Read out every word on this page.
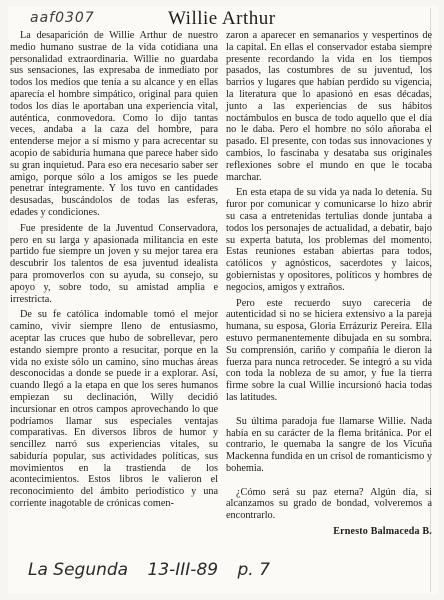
aaf0307	Willie Arthur

La desaparición de Willie Arthur de nuestro medio humano sustrae de la vida cotidiana una personalidad extraordinaria. Willie no guardaba sus sensaciones, las expresaba de inmediato por todos los medios que tenía a su alcance y en ellas aparecía el hombre simpático, original para quien todos los días le aportaban una experiencia vital, auténtica, conmovedora. Como lo dijo tantas veces, andaba a la caza del hombre, para entenderse mejor a sí mismo y para acrecentar su acopio de sabiduría humana que parece haber sido su gran inquietud. Para eso era necesario saber ser amigo, porque sólo a los amigos se les puede penetrar íntegramente. Y los tuvo en cantidades desusadas, buscándolos de todas las esferas, edades y condiciones.

Fue presidente de la Juventud Conservadora, pero en su larga y apasionada militancia en este partido fue siempre un joven y su mejor tarea era descubrir los talentos de esa juventud idealista para promoverlos con su ayuda, su consejo, su apoyo y, sobre todo, su amistad amplia e irrestricta.

De su fe católica indomable tomó el mejor camino, vivir siempre lleno de entusiasmo, aceptar las cruces que hubo de sobrellevar, pero estando siempre pronto a resucitar, porque en la vida no existe sólo un camino, sino muchas áreas desconocidas a donde se puede ir a explorar. Así, cuando llegó a la etapa en que los seres humanos empiezan su declinación, Willy decidió incursionar en otros campos aprovechando lo que podríamos llamar sus especiales ventajas comparativas. En diversos libros de humor y sencillez narró sus experiencias vitales, su sabiduría popular, sus actividades políticas, sus movimientos en la trastienda de los acontecimientos. Estos libros le valieron el reconocimiento del ámbito periodístico y una corriente inagotable de crónicas comen-

zaron a aparecer en semanarios y vespertinos de la capital. En ellas el conservador estaba siempre presente recordando la vida en los tiempos pasados, las costumbres de su juventud, los barrios y lugares que habían perdido su vigencia, la literatura que lo apasionó en esas décadas, junto a las experiencias de sus hábitos noctámbulos en busca de todo aquello que el día no le daba. Pero el hombre no sólo añoraba el pasado. El presente, con todas sus innovaciones y cambios, lo fascinaba y desataba sus originales reflexiones sobre el mundo en que le tocaba marchar.

En esta etapa de su vida ya nada lo detenía. Su furor por comunicar y comunicarse lo hizo abrir su casa a entretenidas tertulias donde juntaba a todos los personajes de actualidad, a debatir, bajo su experta batuta, los problemas del momento. Estas reuniones estaban abiertas para todos, católicos y agnósticos, sacerdotes y laicos, gobiernistas y opositores, políticos y hombres de negocios, amigos y extraños.

Pero este recuerdo suyo careceria de autenticidad si no se hiciera extensivo a la pareja humana, su esposa, Gloria Errázuriz Pereira. Ella estuvo permanentemente dibujada en su sombra. Su comprensión, cariño y compañía le dieron la fuerza para nunca retroceder. Se integró a su vida con toda la nobleza de su amor, y fue la tierra firme sobre la cual Willie incursionó hacia todas las latitudes.

Su última paradoja fue llamarse Willie. Nada había en su carácter de la flema británica. Por el contrario, le quemaba la sangre de los Vicuña Mackenna fundida en un crisol de romanticismo y bohemia.

¿Cómo será su paz eterna? Algún día, si alcanzamos su grado de bondad, volveremos a encontrarlo.

Ernesto Balmaceda B.

La Segunda 13-III-89 p. 7
